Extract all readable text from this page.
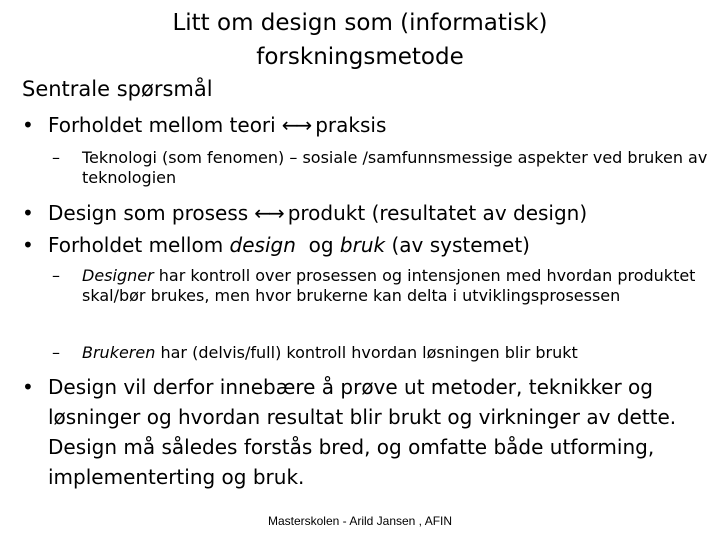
Litt om design som (informatisk)
forskningsmetode
Sentrale spørsmål
• Forholdet mellom teori ←→ praksis
– Teknologi (som fenomen) – sosiale /samfunnsmessige aspekter ved bruken av teknologien
• Design som prosess ←→ produkt (resultatet av design)
• Forholdet mellom design  og bruk (av systemet)
– Designer har kontroll over prosessen og intensjonen med hvordan produktet skal/bør brukes, men hvor brukerne kan delta i utviklingsprosessen
– Brukeren har (delvis/full) kontroll hvordan løsningen blir brukt
• Design vil derfor innebære å prøve ut metoder, teknikker og løsninger og hvordan resultat blir brukt og virkninger av dette. Design må således forstås bred, og omfatte både utforming, implementerting og bruk.
Masterskolen - Arild Jansen , AFIN
